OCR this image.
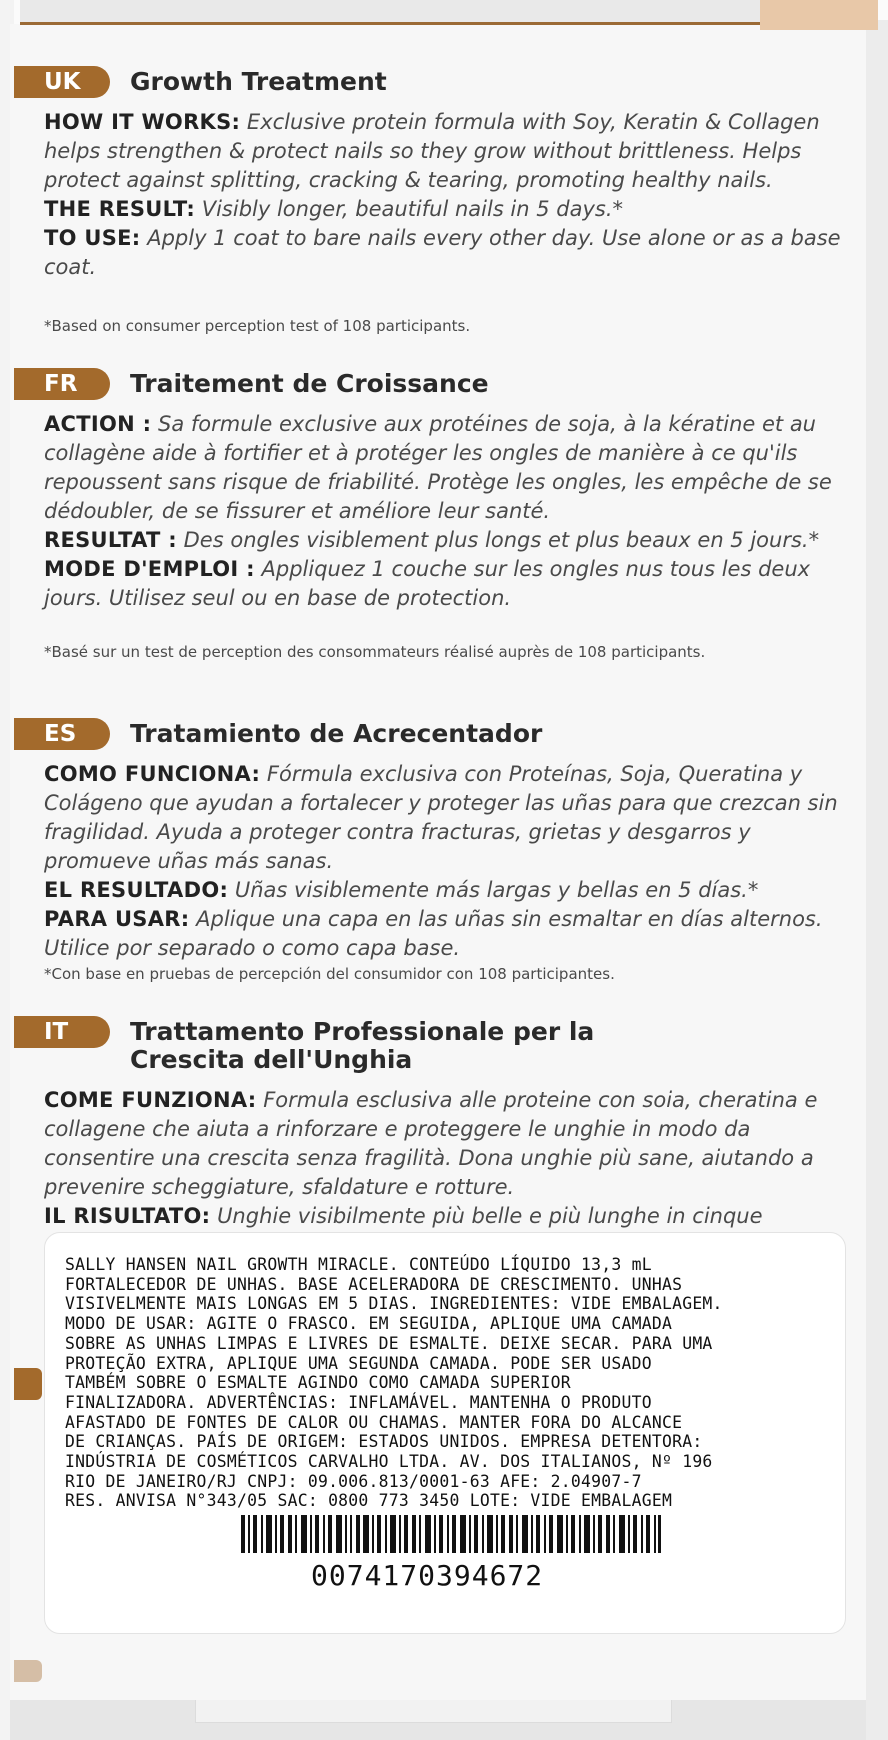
UK	Growth Treatment

HOW IT WORKS: Exclusive protein formula with Soy, Keratin & Collagen helps strengthen & protect nails so they grow without brittleness. Helps protect against splitting, cracking & tearing, promoting healthy nails.

THE RESULT: Visibly longer, beautiful nails in 5 days.*

TO USE: Apply 1 coat to bare nails every other day. Use alone or as a base coat.

*Based on consumer perception test of 108 participants.

FR	Traitement de Croissance

ACTION : Sa formule exclusive aux protéines de soja, à la kératine et au collagène aide à fortifier et à protéger les ongles de manière à ce qu'ils repoussent sans risque de friabilité. Protège les ongles, les empêche de se dédoubler, de se fissurer et améliore leur santé.

RESULTAT : Des ongles visiblement plus longs et plus beaux en 5 jours.*

MODE D'EMPLOI : Appliquez 1 couche sur les ongles nus tous les deux jours. Utilisez seul ou en base de protection.

*Basé sur un test de perception des consommateurs réalisé auprès de 108 participants.

ES	Tratamiento de Acrecentador

COMO FUNCIONA: Fórmula exclusiva con Proteínas, Soja, Queratina y Colágeno que ayudan a fortalecer y proteger las uñas para que crezcan sin fragilidad. Ayuda a proteger contra fracturas, grietas y desgarros y promueve uñas más sanas.

EL RESULTADO: Uñas visiblemente más largas y bellas en 5 días.*

PARA USAR: Aplique una capa en las uñas sin esmaltar en días alternos. Utilice por separado o como capa base.

*Con base en pruebas de percepción del consumidor con 108 participantes.

IT	Trattamento Professionale per la
Crescita dell'Unghia

COME FUNZIONA: Formula esclusiva alle proteine con soia, cheratina e collagene che aiuta a rinforzare e proteggere le unghie in modo da consentire una crescita senza fragilità. Dona unghie più sane, aiutando a prevenire scheggiature, sfaldature e rotture.

IL RISULTATO: Unghie visibilmente più belle e più lunghe in cinque

SALLY HANSEN NAIL GROWTH MIRACLE. CONTEÚDO LÍQUIDO 13,3 mL
FORTALECEDOR DE UNHAS. BASE ACELERADORA DE CRESCIMENTO. UNHAS
VISIVELMENTE MAIS LONGAS EM 5 DIAS. INGREDIENTES: VIDE EMBALAGEM.
MODO DE USAR: AGITE O FRASCO. EM SEGUIDA, APLIQUE UMA CAMADA
SOBRE AS UNHAS LIMPAS E LIVRES DE ESMALTE. DEIXE SECAR. PARA UMA
PROTEÇÃO EXTRA, APLIQUE UMA SEGUNDA CAMADA. PODE SER USADO
TAMBÉM SOBRE O ESMALTE AGINDO COMO CAMADA SUPERIOR
FINALIZADORA. ADVERTÊNCIAS: INFLAMÁVEL. MANTENHA O PRODUTO
AFASTADO DE FONTES DE CALOR OU CHAMAS. MANTER FORA DO ALCANCE
DE CRIANÇAS. PAÍS DE ORIGEM: ESTADOS UNIDOS. EMPRESA DETENTORA:
INDÚSTRIA DE COSMÉTICOS CARVALHO LTDA. AV. DOS ITALIANOS, Nº 196
RIO DE JANEIRO/RJ CNPJ: 09.006.813/0001-63 AFE: 2.04907-7
RES. ANVISA N°343/05 SAC: 0800 773 3450 LOTE: VIDE EMBALAGEM

007417039467​2
